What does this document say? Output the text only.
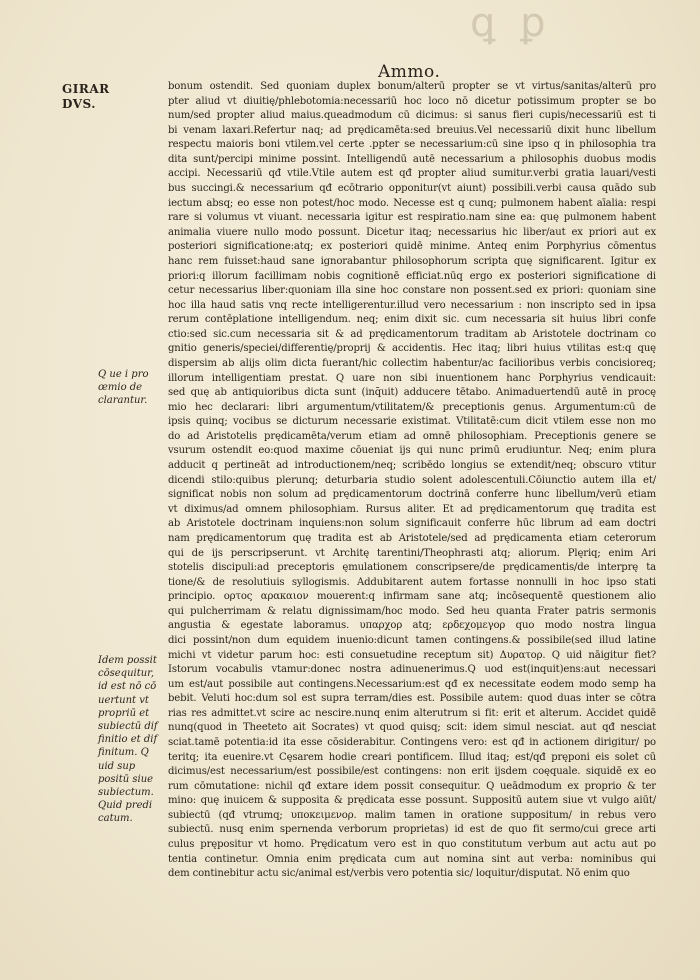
ꝗ ꝑ
Ammo.
GIRAR DVS.
Q ue i pro œmio de clarantur.
Idem possit cōsequitur, id est nō cō uertunt vt propriū et subiectū dif finitio et dif finitum. Q uid sup positū siue subiectum. Quid predi catum.
bonum ostendit. Sed quoniam duplex bonum/alterū propter se vt virtus/sanitas/alterū pro
pter aliud vt diuitię/phlebotomia:necessariū hoc loco nō dicetur potissimum propter se bo
num/sed propter aliud maius.queadmodum cū dicimus: si sanus fieri cupis/necessariū est ti
bi venam laxari.Refertur naq; ad prędicamēta:sed breuius.Vel necessariū dixit hunc libellum
respectu maioris boni vtilem.vel certe .ppter se necessarium:cū sine ipso q in philosophia tra
dita sunt/percipi minime possint. Intelligendū autē necessarium a philosophis duobus modis
accipi. Necessariū qđ vtile.Vtile autem est qđ propter aliud sumitur.verbi gratia lauari/vesti
bus succingi.& necessarium qđ ecōtrario opponitur(vt aiunt) possibili.verbi causa quādo sub
iectum absq; eo esse non potest/hoc modo. Necesse est q cunq; pulmonem habent aīalia: respi
rare si volumus vt viuant. necessaria igitur est respiratio.nam sine ea: quę pulmonem habent
animalia viuere nullo modo possunt. Dicetur itaq; necessarius hic liber/aut ex priori aut ex
posteriori significatione:atq; ex posteriori quidē minime. Anteq enim Porphyrius cōmentus
hanc rem fuisset:haud sane ignorabantur philosophorum scripta quę significarent. Igitur ex
priori:q illorum facillimam nobis cognitionē efficiat.nūq ergo ex posteriori significatione di
cetur necessarius liber:quoniam illa sine hoc constare non possent.sed ex priori: quoniam sine
hoc illa haud satis vnq recte intelligerentur.illud vero necessarium : non inscripto sed in ipsa
rerum contēplatione intelligendum. neq; enim dixit sic. cum necessaria sit huius libri confe
ctio:sed sic.cum necessaria sit & ad prędicamentorum traditam ab Aristotele doctrinam co
gnitio generis/speciei/differentię/proprij & accidentis. Hec itaq; libri huius vtilitas est:q quę
dispersim ab alijs olim dicta fuerant/hic collectim habentur/ac facilioribus verbis concisioreq;
illorum intelligentiam prestat. Q uare non sibi inuentionem hanc Porphyrius vendicauit:
sed quę ab antiquioribus dicta sunt (inq̄uit) adducere tētabo. Animaduertendū autē in procę
mio hec declarari: libri argumentum/vtilitatem/& preceptionis genus. Argumentum:cū de
ipsis quinq; vocibus se dicturum necessarie existimat. Vtilitatē:cum dicit vtilem esse non mo
do ad Aristotelis prędicamēta/verum etiam ad omnē philosophiam. Preceptionis genere se
vsurum ostendit eo:quod maxime cōueniat ijs qui nunc primū erudiuntur. Neq; enim plura
adducit q pertineāt ad introductionem/neq; scribēdo longius se extendit/neq; obscuro vtitur
dicendi stilo:quibus plerunq; deturbaria studio solent adolescentuli.Cōiunctio autem illa et/
significat nobis non solum ad prędicamentorum doctrinā conferre hunc libellum/verū etiam
vt diximus/ad omnem philosophiam. Rursus aliter. Et ad prędicamentorum quę tradita est
ab Aristotele doctrinam inquiens:non solum significauit conferre hūc librum ad eam doctri
nam prędicamentorum quę tradita est ab Aristotele/sed ad prędicamenta etiam ceterorum
qui de ijs perscripserunt. vt Architę tarentini/Theophrasti atq; aliorum. Plęriq; enim Ari
stotelis discipuli:ad preceptoris ęmulationem conscripsere/de prędicamentis/de interprę ta
tione/& de resolutiuis syllogismis. Addubitarent autem fortasse nonnulli in hoc ipso stati
principio. ορτος αρακαιον mouerent:q infirmam sane atq; incōsequentē questionem alio
qui pulcherrimam & relatu dignissimam/hoc modo. Sed heu quanta Frater patris sermonis
angustia & egestate laboramus. υπαρχορ atq; ερδεχομεγορ quo modo nostra lingua
dici possint/non dum equidem inuenio:dicunt tamen contingens.& possibile(sed illud latine
michi vt videtur parum hoc: esti consuetudine receptum sit) Δυρατορ. Q uid nāigitur fiet?
Istorum vocabulis vtamur:donec nostra adinuenerimus.Q uod est(inquit)ens:aut necessari
um est/aut possibile aut contingens.Necessarium:est qđ ex necessitate eodem modo semp ha
bebit. Veluti hoc:dum sol est supra terram/dies est. Possibile autem: quod duas inter se cōtra
rias res admittet.vt scire ac nescire.nunq enim alterutrum si fit: erit et alterum. Accidet quidē
nunq(quod in Theeteto ait Socrates) vt quod quisq; scit: idem simul nesciat. aut qđ nesciat
sciat.tamē potentia:id ita esse cōsiderabitur. Contingens vero: est qđ in actionem dirigitur/ po
teritq; ita euenire.vt Cęsarem hodie creari pontificem. Illud itaq; est/qđ pręponi eis solet cū
dicimus/est necessarium/est possibile/est contingens: non erit ijsdem coęquale. siquidē ex eo
rum cōmutatione: nichil qđ extare idem possit consequitur. Q ueādmodum ex proprio & ter
mino: quę inuicem & supposita & prędicata esse possunt. Suppositū autem siue vt vulgo aiūt/
subiectū (qđ vtrumq; υποκειμενορ. malim tamen in oratione suppositum/ in rebus vero
subiectū. nusq enim spernenda verborum proprietas) id est de quo fit sermo/cui grece arti
culus prępositur vt homo. Prędicatum vero est in quo constitutum verbum aut actu aut po
tentia continetur. Omnia enim prędicata cum aut nomina sint aut verba: nominibus qui
dem continebitur actu sic/animal est/verbis vero potentia sic/ loquitur/disputat. Nō enim quo
